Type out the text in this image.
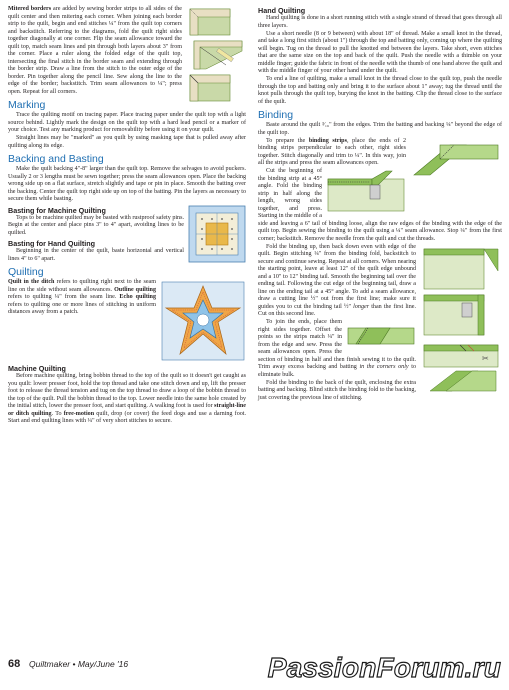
Mitered borders are added by sewing border strips to all sides of the quilt center and then mitering each corner. When joining each border strip to the quilt, begin and end stitches ¼" from the quilt top corners and backstitch. Referring to the diagrams, fold the quilt right sides together diagonally at one corner. Flip the seam allowance toward the quilt top, match seam lines and pin through both layers about 3" from the corner. Place a ruler along the folded edge of the quilt top, intersecting the final stitch in the border seam and extending through the border strip. Draw a line from the stitch to the outer edge of the border. Pin together along the pencil line. Sew along the line to the edge of the border; backstitch. Trim seam allowances to ¼"; press open. Repeat for all corners.

Marking

Trace the quilting motif on tracing paper. Place tracing paper under the quilt top with a light source behind. Lightly mark the design on the quilt top with a hard lead pencil or a marker of your choice. Test any marking product for removability before using it on your quilt.

Straight lines may be "marked" as you quilt by using masking tape that is pulled away after quilting along its edge.

Backing and Basting

Make the quilt backing 4"-8" larger than the quilt top. Remove the selvages to avoid puckers. Usually 2 or 3 lengths must be sewn together; press the seam allowances open. Place the backing wrong side up on a flat surface, stretch slightly and tape or pin in place. Smooth the batting over the backing. Center the quilt top right side up on top of the batting. Pin the layers as necessary to secure them while basting.

Basting for Machine Quilting

Tops to be machine quilted may be basted with rustproof safety pins. Begin at the center and place pins 3" to 4" apart, avoiding lines to be quilted.

Basting for Hand Quilting

Beginning in the center of the quilt, baste horizontal and vertical lines 4" to 6" apart.

Quilting

Quilt in the ditch refers to quilting right next to the seam line on the side without seam allowances. Outline quilting refers to quilting ¼" from the seam line. Echo quilting refers to quilting one or more lines of stitching in uniform distances away from a patch.

Machine Quilting

Before machine quilting, bring bobbin thread to the top of the quilt so it doesn't get caught as you quilt: lower presser foot, hold the top thread and take one stitch down and up, lift the presser foot to release the thread tension and tug on the top thread to draw a loop of the bobbin thread to the top of the quilt. Pull the bobbin thread to the top. Lower needle into the same hole created by the initial stitch, lower the presser foot, and start quilting. A walking foot is used for straight-line or ditch quilting. To free-motion quilt, drop (or cover) the feed dogs and use a darning foot. Start and end quilting lines with ¼" of very short stitches to secure.

Hand Quilting

Hand quilting is done in a short running stitch with a single strand of thread that goes through all three layers.

Use a short needle (8 or 9 between) with about 18" of thread. Make a small knot in the thread, and take a long first stitch (about 1") through the top and batting only, coming up where the quilting will begin. Tug on the thread to pull the knotted end between the layers. Take short, even stitches that are the same size on the top and back of the quilt. Push the needle with a thimble on your middle finger; guide the fabric in front of the needle with the thumb of one hand above the quilt and with the middle finger of your other hand under the quilt.

To end a line of quilting, make a small knot in the thread close to the quilt top, push the needle through the top and batting only and bring it to the surface about 1" away; tug the thread until the knot pulls through the quilt top, burying the knot in the batting. Clip the thread close to the surface of the quilt.

Binding

Baste around the quilt ³⁄₁₆" from the edges. Trim the batting and backing ¼" beyond the edge of the quilt top.

To prepare the binding strips, place the ends of 2 binding strips perpendicular to each other, right sides together. Stitch diagonally and trim to ¼". In this way, join all the strips and press the seam allowances open.

Cut the beginning of the binding strip at a 45° angle. Fold the binding strip in half along the length, wrong sides together, and press. Starting in the middle of a side and leaving a 6" tail of binding loose, align the raw edges of the binding with the edge of the quilt top. Begin sewing the binding to the quilt using a ¼" seam allowance. Stop ¼" from the first corner; backstitch. Remove the needle from the quilt and cut the threads.

✂

Fold the binding up, then back down even with edge of the quilt. Begin stitching ¼" from the binding fold, backstitch to secure and continue sewing. Repeat at all corners. When nearing the starting point, leave at least 12" of the quilt edge unbound and a 10" to 12" binding tail. Smooth the beginning tail over the ending tail. Following the cut edge of the beginning tail, draw a line on the ending tail at a 45° angle. To add a seam allowance, draw a cutting line ½" out from the first line; make sure it guides you to cut the binding tail ½" longer than the first line. Cut on this second line.

To join the ends, place them right sides together. Offset the points so the strips match ¼" in from the edge and sew. Press the seam allowances open. Press the section of binding in half and then finish sewing it to the quilt. Trim away excess backing and batting in the corners only to eliminate bulk.

Fold the binding to the back of the quilt, enclosing the extra batting and backing. Blind stitch the binding fold to the backing, just covering the previous line of stitching.

68 Quiltmaker • May/June '16	PassionForum.ru
